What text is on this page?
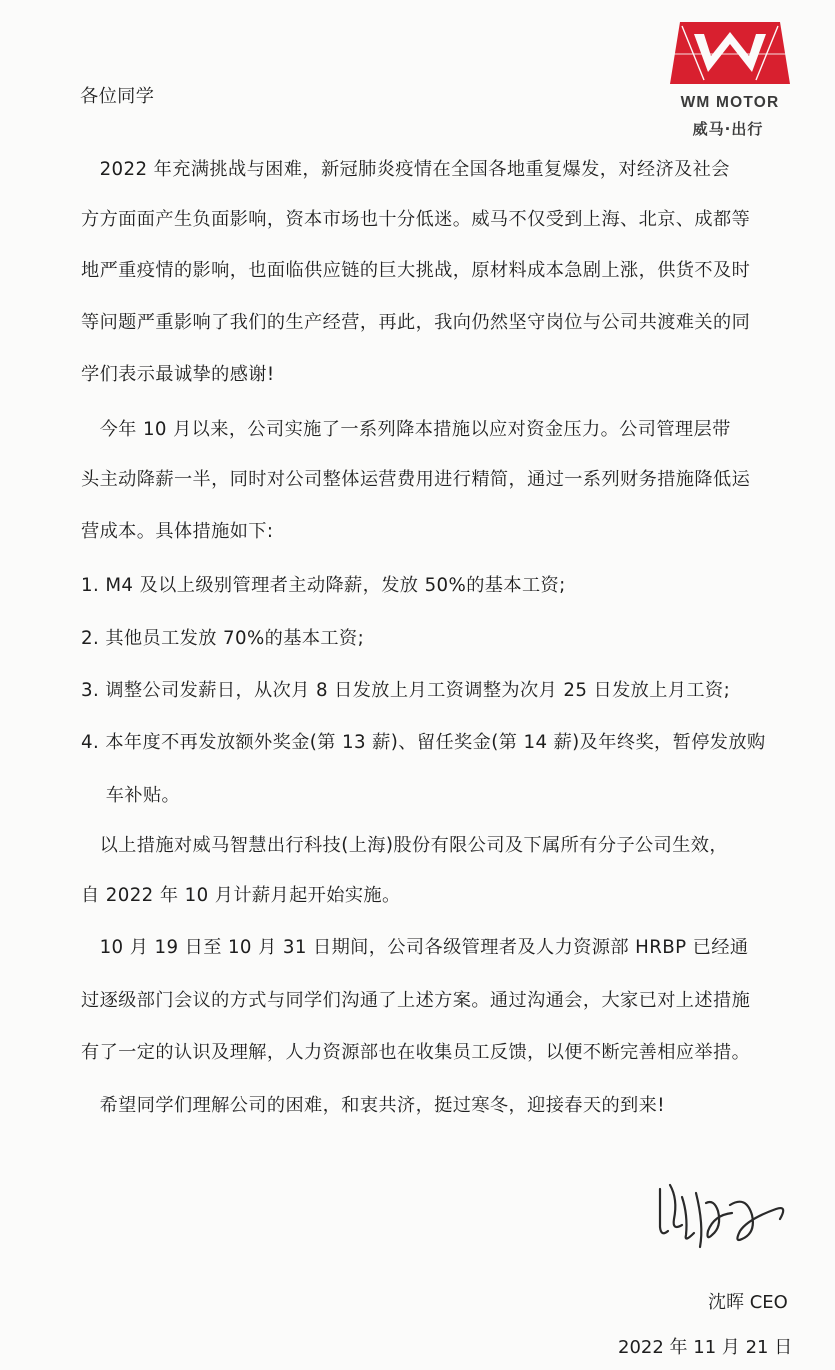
WM MOTOR
威马·出行
各位同学
　2022 年充满挑战与困难，新冠肺炎疫情在全国各地重复爆发，对经济及社会
方方面面产生负面影响，资本市场也十分低迷。威马不仅受到上海、北京、成都等
地严重疫情的影响，也面临供应链的巨大挑战，原材料成本急剧上涨，供货不及时
等问题严重影响了我们的生产经营，再此，我向仍然坚守岗位与公司共渡难关的同
学们表示最诚挚的感谢!
　今年 10 月以来，公司实施了一系列降本措施以应对资金压力。公司管理层带
头主动降薪一半，同时对公司整体运营费用进行精简，通过一系列财务措施降低运
营成本。具体措施如下:
1. M4 及以上级别管理者主动降薪，发放 50%的基本工资;
2. 其他员工发放 70%的基本工资;
3. 调整公司发薪日，从次月 8 日发放上月工资调整为次月 25 日发放上月工资;
4. 本年度不再发放额外奖金(第 13 薪)、留任奖金(第 14 薪)及年终奖，暂停发放购
　 车补贴。
　以上措施对威马智慧出行科技(上海)股份有限公司及下属所有分子公司生效，
自 2022 年 10 月计薪月起开始实施。
　10 月 19 日至 10 月 31 日期间，公司各级管理者及人力资源部 HRBP 已经通
过逐级部门会议的方式与同学们沟通了上述方案。通过沟通会，大家已对上述措施
有了一定的认识及理解，人力资源部也在收集员工反馈，以便不断完善相应举措。
　希望同学们理解公司的困难，和衷共济，挺过寒冬，迎接春天的到来!
沈晖 CEO
2022 年 11 月 21 日
